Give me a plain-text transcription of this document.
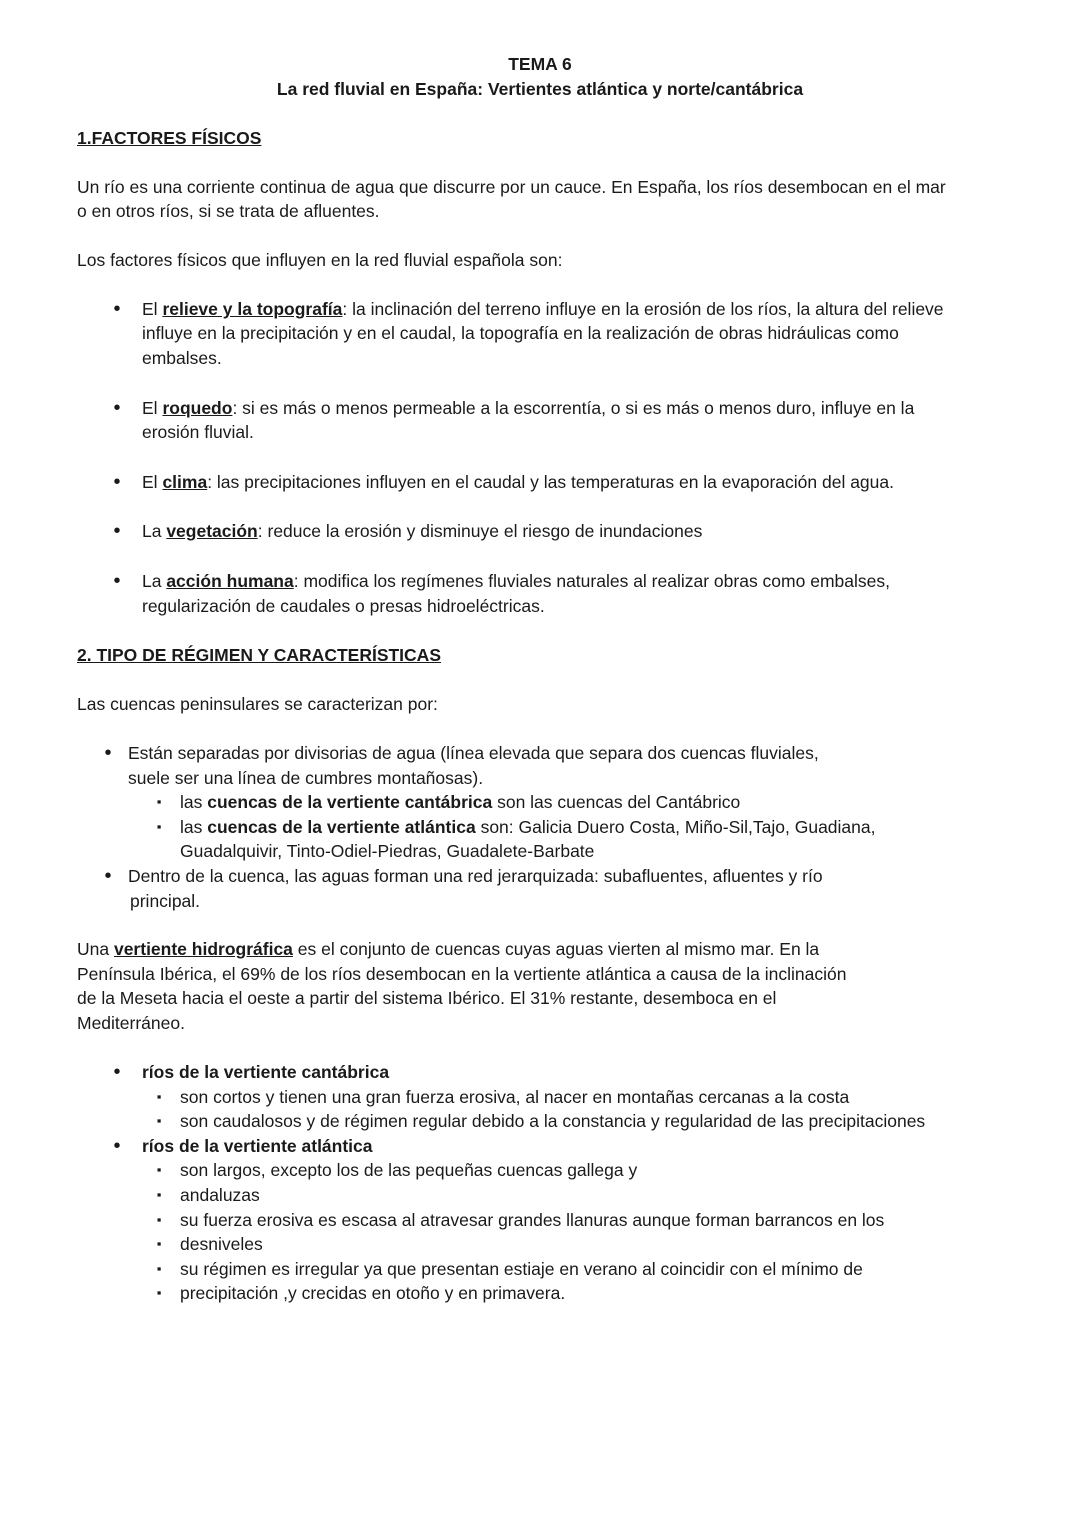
TEMA 6
La red fluvial en España: Vertientes atlántica y norte/cantábrica
1.FACTORES FÍSICOS

Un río es una corriente continua de agua que discurre por un cauce. En España, los ríos desembocan en el mar

o en otros ríos, si se trata de afluentes.

Los factores físicos que influyen en la red fluvial española son:

•	El relieve y la topografía: la inclinación del terreno influye en la erosión de los ríos, la altura del relieve

influye en la precipitación y en el caudal, la topografía en la realización de obras hidráulicas como

embalses.

•	El roquedo: si es más o menos permeable a la escorrentía, o si es más o menos duro, influye en la

erosión fluvial.

•	El clima: las precipitaciones influyen en el caudal y las temperaturas en la evaporación del agua.

•	La vegetación: reduce la erosión y disminuye el riesgo de inundaciones

•	La acción humana: modifica los regímenes fluviales naturales al realizar obras como embalses,

regularización de caudales o presas hidroeléctricas.

2. TIPO DE RÉGIMEN Y CARACTERÍSTICAS

Las cuencas peninsulares se caracterizan por:

• Están separadas por divisorias de agua (línea elevada que separa dos cuencas fluviales,

suele ser una línea de cumbres montañosas).

▪ las cuencas de la vertiente cantábrica son las cuencas del Cantábrico

▪ las cuencas de la vertiente atlántica son: Galicia Duero Costa, Miño-Sil,Tajo, Guadiana,

Guadalquivir, Tinto-Odiel-Piedras, Guadalete-Barbate

• Dentro de la cuenca, las aguas forman una red jerarquizada: subafluentes, afluentes y río

principal.

Una vertiente hidrográfica es el conjunto de cuencas cuyas aguas vierten al mismo mar. En la

Península Ibérica, el 69% de los ríos desembocan en la vertiente atlántica a causa de la inclinación

de la Meseta hacia el oeste a partir del sistema Ibérico. El 31% restante, desemboca en el

Mediterráneo.

•	ríos de la vertiente cantábrica

▪ son cortos y tienen una gran fuerza erosiva, al nacer en montañas cercanas a la costa

▪ son caudalosos y de régimen regular debido a la constancia y regularidad de las precipitaciones

•	ríos de la vertiente atlántica

▪ son largos, excepto los de las pequeñas cuencas gallega y

▪ andaluzas

▪ su fuerza erosiva es escasa al atravesar grandes llanuras aunque forman barrancos en los

▪ desniveles

▪ su régimen es irregular ya que presentan estiaje en verano al coincidir con el mínimo de

▪ precipitación ,y crecidas en otoño y en primavera.
